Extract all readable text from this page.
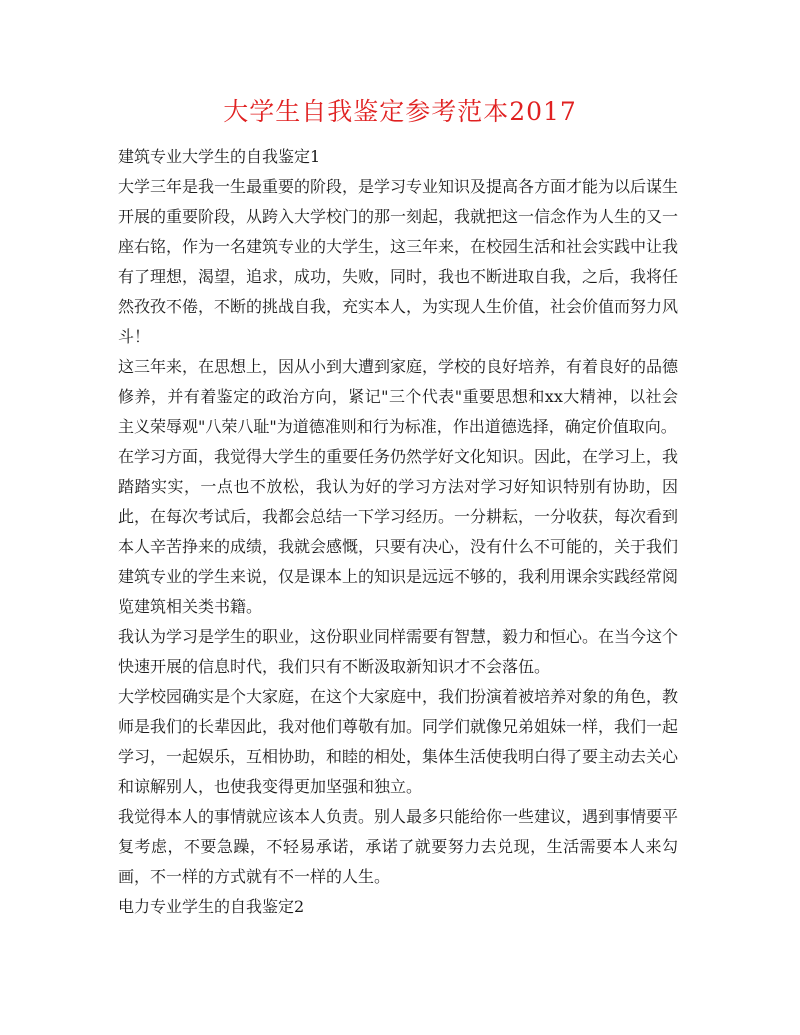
大学生自我鉴定参考范本2017

建筑专业大学生的自我鉴定1

大学三年是我一生最重要的阶段，是学习专业知识及提高各方面才能为以后谋生开展的重要阶段，从跨入大学校门的那一刻起，我就把这一信念作为人生的又一座右铭，作为一名建筑专业的大学生，这三年来，在校园生活和社会实践中让我有了理想，渴望，追求，成功，失败，同时，我也不断进取自我，之后，我将任然孜孜不倦，不断的挑战自我，充实本人，为实现人生价值，社会价值而努力风斗！

这三年来，在思想上，因从小到大遭到家庭，学校的良好培养，有着良好的品德修养，并有着鉴定的政治方向，紧记"三个代表"重要思想和xx大精神，以社会主义荣辱观"八荣八耻"为道德准则和行为标准，作出道德选择，确定价值取向。

在学习方面，我觉得大学生的重要任务仍然学好文化知识。因此，在学习上，我踏踏实实，一点也不放松，我认为好的学习方法对学习好知识特别有协助，因此，在每次考试后，我都会总结一下学习经历。一分耕耘，一分收获，每次看到本人辛苦挣来的成绩，我就会感慨，只要有决心，没有什么不可能的，关于我们建筑专业的学生来说，仅是课本上的知识是远远不够的，我利用课余实践经常阅览建筑相关类书籍。

我认为学习是学生的职业，这份职业同样需要有智慧，毅力和恒心。在当今这个快速开展的信息时代，我们只有不断汲取新知识才不会落伍。

大学校园确实是个大家庭，在这个大家庭中，我们扮演着被培养对象的角色，教师是我们的长辈因此，我对他们尊敬有加。同学们就像兄弟姐妹一样，我们一起学习，一起娱乐，互相协助，和睦的相处，集体生活使我明白得了要主动去关心和谅解别人，也使我变得更加坚强和独立。

我觉得本人的事情就应该本人负责。别人最多只能给你一些建议，遇到事情要平复考虑，不要急躁，不轻易承诺，承诺了就要努力去兑现，生活需要本人来勾画，不一样的方式就有不一样的人生。

电力专业学生的自我鉴定2
